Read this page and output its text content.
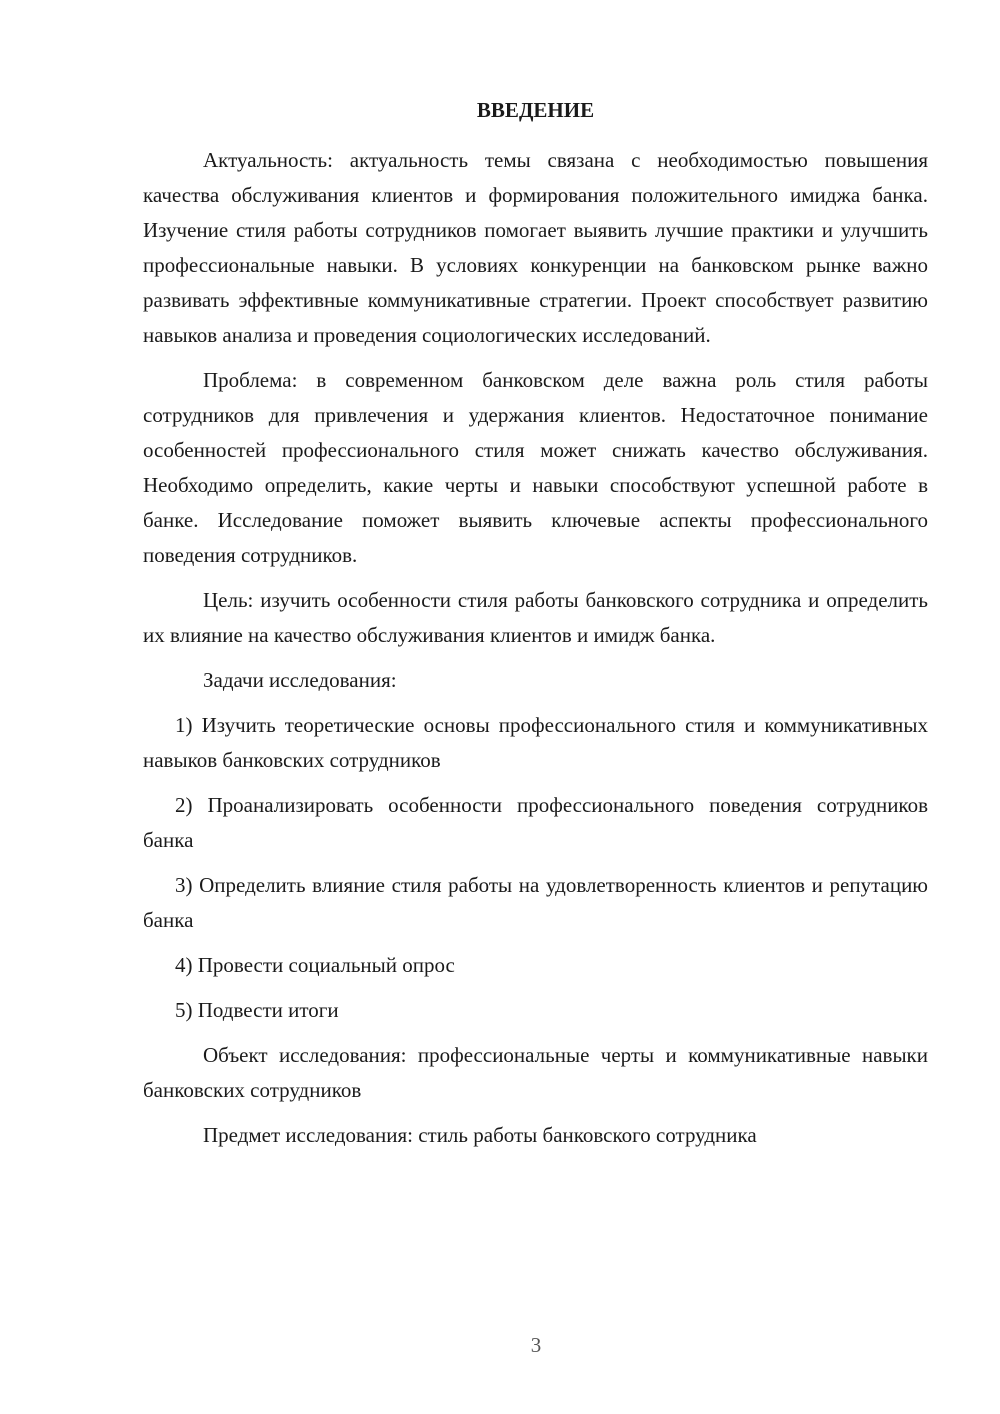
ВВЕДЕНИЕ

Актуальность: актуальность темы связана с необходимостью повышения качества обслуживания клиентов и формирования положительного имиджа банка. Изучение стиля работы сотрудников помогает выявить лучшие практики и улучшить профессиональные навыки. В условиях конкуренции на банковском рынке важно развивать эффективные коммуникативные стратегии. Проект способствует развитию навыков анализа и проведения социологических исследований.

Проблема: в современном банковском деле важна роль стиля работы сотрудников для привлечения и удержания клиентов. Недостаточное понимание особенностей профессионального стиля может снижать качество обслуживания. Необходимо определить, какие черты и навыки способствуют успешной работе в банке. Исследование поможет выявить ключевые аспекты профессионального поведения сотрудников.

Цель: изучить особенности стиля работы банковского сотрудника и определить их влияние на качество обслуживания клиентов и имидж банка.

Задачи исследования:

1) Изучить теоретические основы профессионального стиля и коммуникативных навыков банковских сотрудников

2) Проанализировать особенности профессионального поведения сотрудников банка

3) Определить влияние стиля работы на удовлетворенность клиентов и репутацию банка

4) Провести социальный опрос

5) Подвести итоги

Объект исследования: профессиональные черты и коммуникативные навыки банковских сотрудников

Предмет исследования: стиль работы банковского сотрудника

3
